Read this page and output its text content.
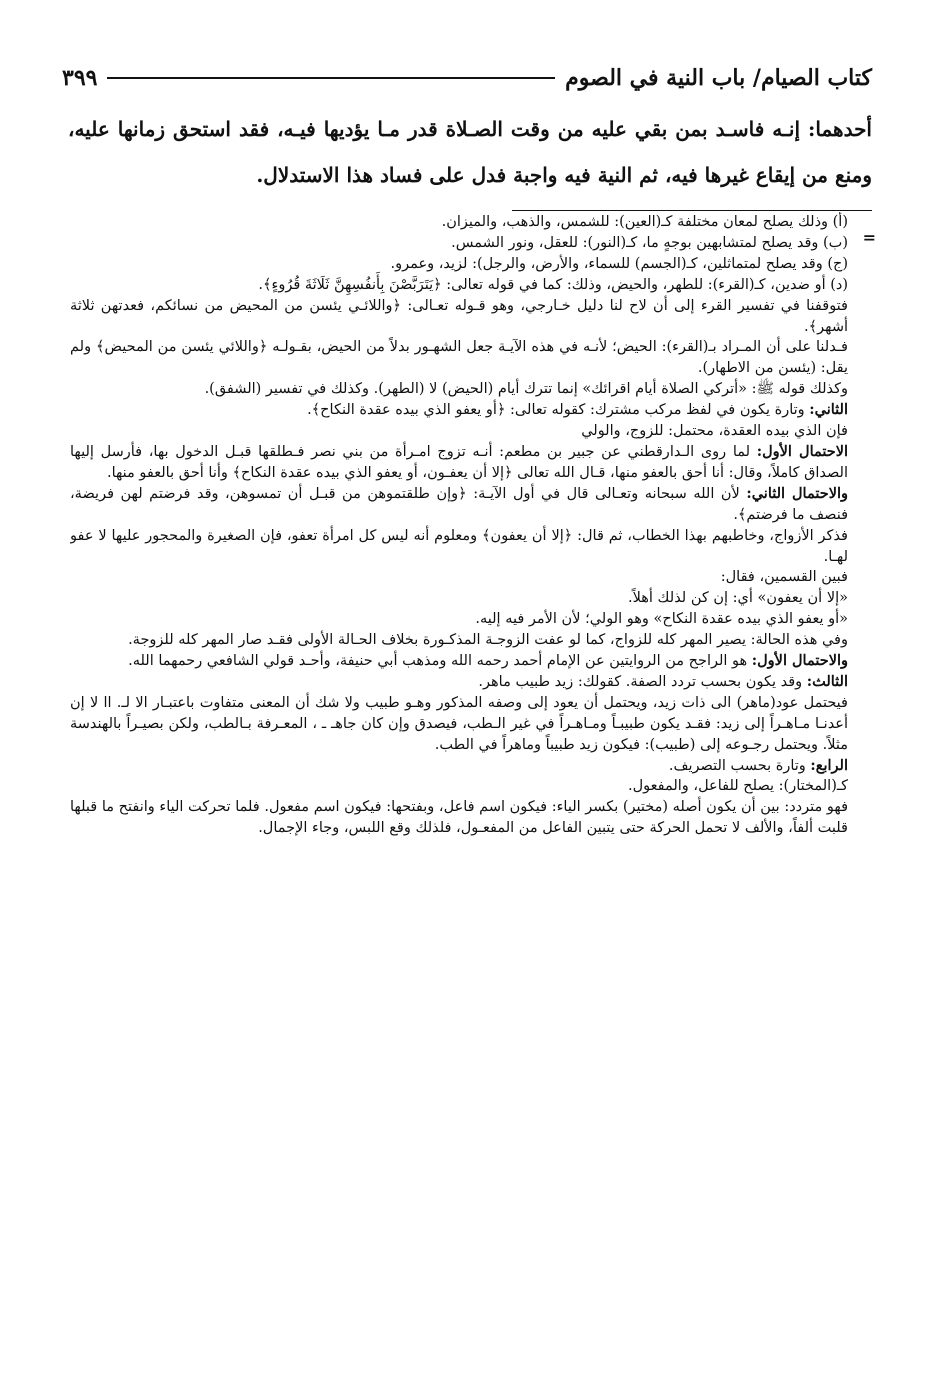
كتاب الصيام/ باب النية في الصوم
٣٩٩
أحدهما: إنـه فاسـد بمن بقي عليه من وقت الصـلاة قدر مـا يؤديها فيـه، فقد استحق زمانها عليه، ومنع من إيقاع غيرها فيه، ثم النية فيه واجبة فدل على فساد هذا الاستدلال.
=

(أ) وذلك يصلح لمعان مختلفة كـ(العين): للشمس، والذهب، والميزان.

(ب) وقد يصلح لمتشابهين بوجهٍ ما، كـ(النور): للعقل، ونور الشمس.

(ج) وقد يصلح لمتماثلين، كـ(الجسم) للسماء، والأرض، والرجل): لزيد، وعمرو.

(د) أو ضدين، كـ(القرء): للطهر، والحيض، وذلك: كما في قوله تعالى: ﴿يَتَرَبَّصْنَ بِأَنفُسِهِنَّ ثَلَاثَةَ قُرُوءٍ﴾.

فتوقفنا في تفسير القرء إلى أن لاح لنا دليل خـارجي، وهو قـوله تعـالى: ﴿واللائـي يئسن من المحيض من نسائكم، فعدتهن ثلاثة أشهر﴾.

فـدلنا على أن المـراد بـ(القرء): الحيض؛ لأنـه في هذه الآيـة جعل الشهـور بدلاً من الحيض، بقـولـه ﴿واللائي يئسن من المحيض﴾ ولم يقل: (يئسن من الاطهار).

وكذلك قوله ﷺ: «أتركي الصلاة أيام اقرائك» إنما تترك أيام (الحيض) لا (الطهر). وكذلك في تفسير (الشفق).

الثاني: وتارة يكون في لفظ مركب مشترك: كقوله تعالى: ﴿أو يعفو الذي بيده عقدة النكاح﴾.

فإن الذي بيده العقدة، محتمل: للزوج، والولي

الاحتمال الأول: لما روى الـدارقطني عن جبير بن مطعم: أنـه تزوج امـرأة من بني نصر فـطلقها قبـل الدخول بها، فأرسل إليها الصداق كاملاً، وقال: أنا أحق بالعفو منها، قـال الله تعالى ﴿إلا أن يعفـون، أو يعفو الذي بيده عقدة النكاح﴾ وأنا أحق بالعفو منها.

والاحتمال الثاني: لأن الله سبحانه وتعـالى قال في أول الآيـة: ﴿وإن طلقتموهن من قبـل أن تمسوهن، وقد فرضتم لهن فريضة، فنصف ما فرضتم﴾.

فذكر الأزواج، وخاطبهم بهذا الخطاب، ثم قال: ﴿إلا أن يعفون﴾ ومعلوم أنه ليس كل امرأة تعفو، فإن الصغيرة والمحجور عليها لا عفو لهـا.

فبين القسمين، فقال:

«إلا أن يعفون» أي: إن كن لذلك أهلاً.

«أو يعفو الذي بيده عقدة النكاح» وهو الولي؛ لأن الأمر فيه إليه.

وفي هذه الحالة: يصير المهر كله للزواج، كما لو عفت الزوجـة المذكـورة بخلاف الحـالة الأولى فقـد صار المهر كله للزوجة.

والاحتمال الأول: هو الراجح من الروايتين عن الإمام أحمد رحمه الله ومذهب أبي حنيفة، وأحـد قولي الشافعي رحمهما الله.

الثالث: وقد يكون بحسب تردد الصفة. كقولك: زيد طبيب ماهر.

فيحتمل عود(ماهر) الى ذات زيد، ويحتمل أن يعود إلى وصفه المذكور وهـو طبيب ولا شك أن المعنى متفاوت باعتبـار الا لـ. اا لا إن أعدنـا مـاهـراً إلى زيد: فقـد يكون طبيبـاً ومـاهـراً في غير الـطب، فيصدق وإن كان جاهـ ـ ، المعـرفة بـالطب، ولكن بصيـراً بالهندسة مثلاً. ويحتمل رجـوعه إلى (طبيب): فيكون زيد طبيباً وماهراً في الطب.

الرابع: وتارة بحسب التصريف.

كـ(المختار): يصلح للفاعل، والمفعول.

فهو متردد: بين أن يكون أصله (مختير) بكسر الياء: فيكون اسم فاعل، وبفتحها: فيكون اسم مفعول. فلما تحركت الياء وانفتح ما قبلها قلبت ألفاً، والألف لا تحمل الحركة حتى يتبين الفاعل من المفعـول، فلذلك وقع اللبس، وجاء الإجمال.
